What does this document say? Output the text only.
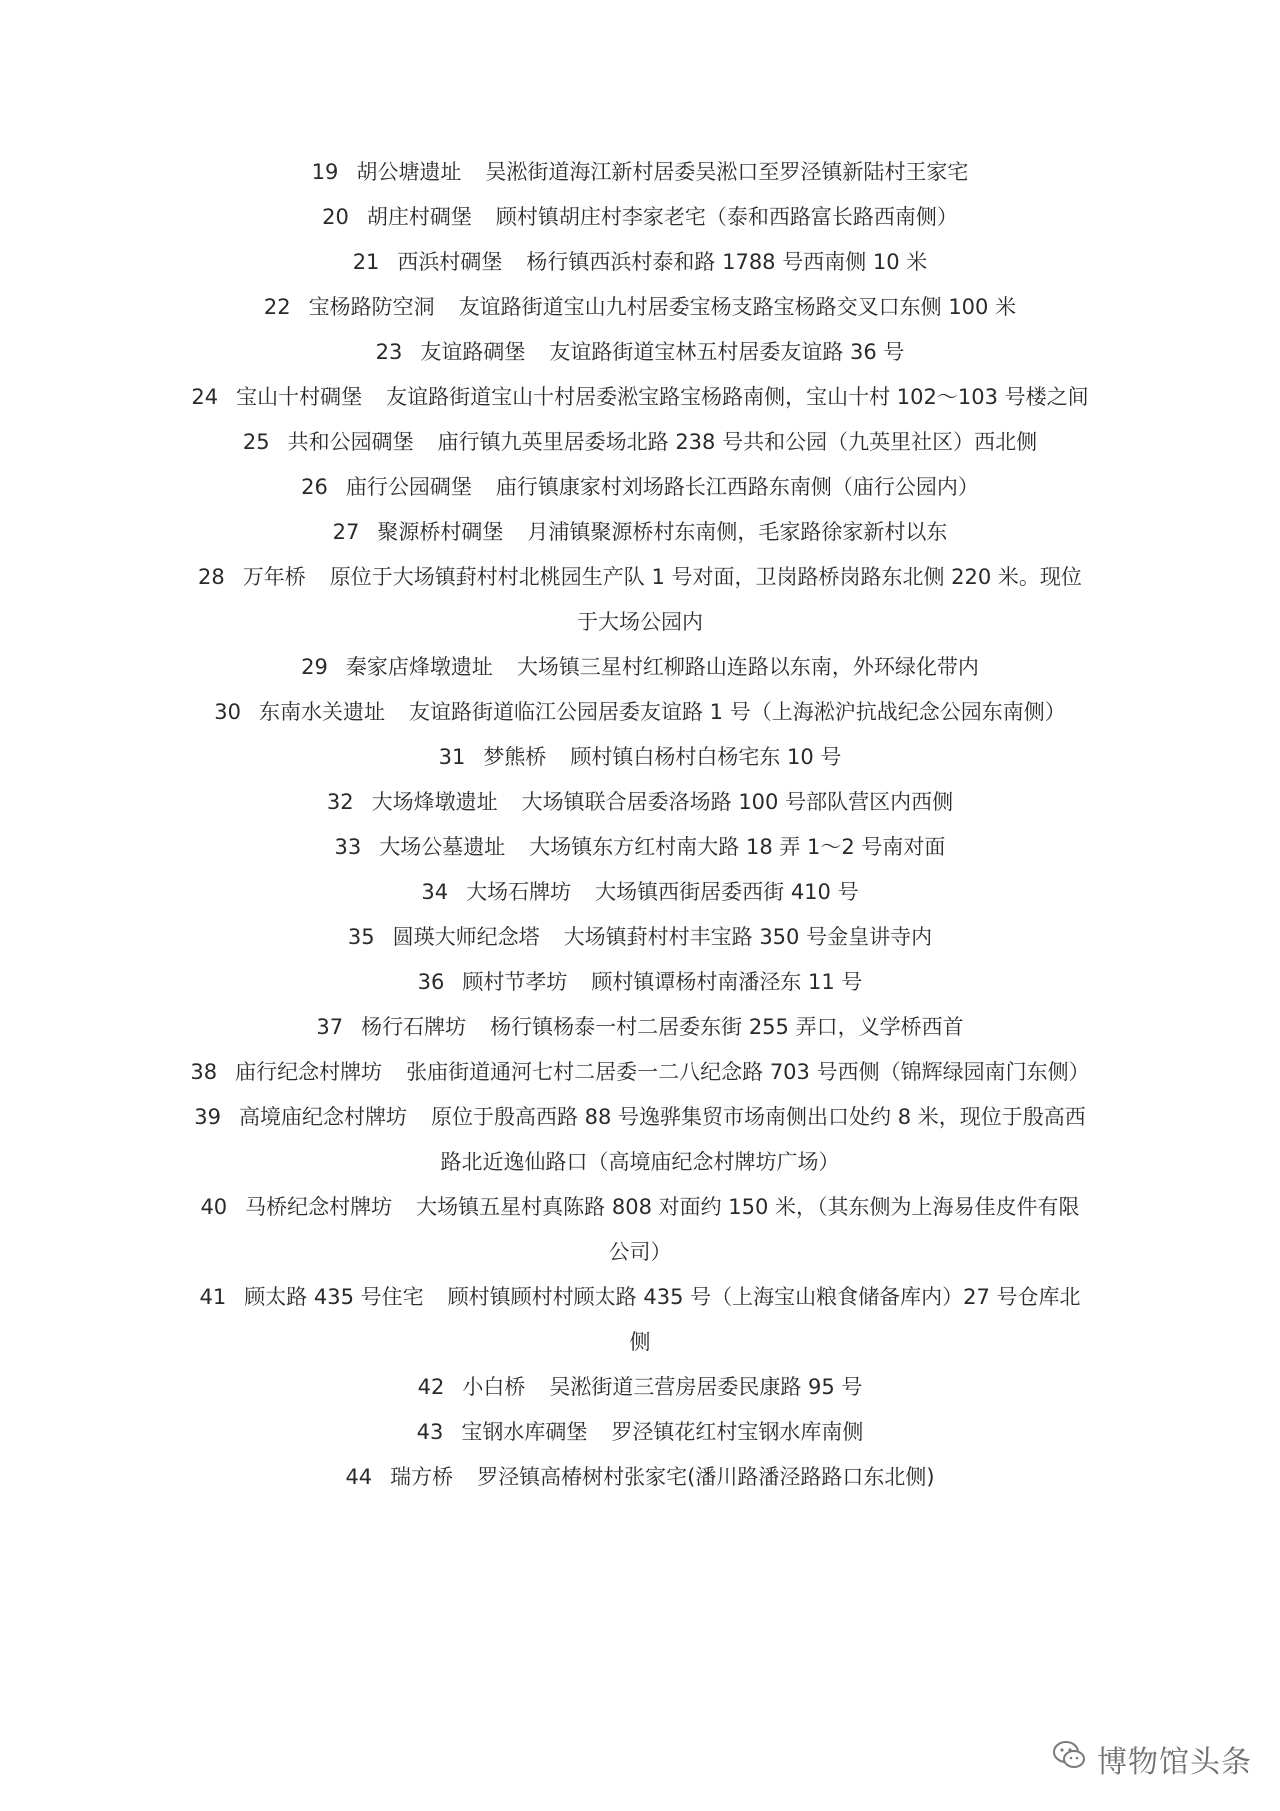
19 胡公塘遗址 吴淞街道海江新村居委吴淞口至罗泾镇新陆村王家宅
20 胡庄村碉堡 顾村镇胡庄村李家老宅（泰和西路富长路西南侧）
21 西浜村碉堡 杨行镇西浜村泰和路 1788 号西南侧 10 米
22 宝杨路防空洞 友谊路街道宝山九村居委宝杨支路宝杨路交叉口东侧 100 米
23 友谊路碉堡 友谊路街道宝林五村居委友谊路 36 号
24 宝山十村碉堡 友谊路街道宝山十村居委淞宝路宝杨路南侧，宝山十村 102～103 号楼之间
25 共和公园碉堡 庙行镇九英里居委场北路 238 号共和公园（九英里社区）西北侧
26 庙行公园碉堡 庙行镇康家村刘场路长江西路东南侧（庙行公园内）
27 聚源桥村碉堡 月浦镇聚源桥村东南侧，毛家路徐家新村以东
28 万年桥 原位于大场镇葑村村北桃园生产队 1 号对面，卫岗路桥岗路东北侧 220 米。现位于大场公园内
29 秦家店烽墩遗址 大场镇三星村红柳路山连路以东南，外环绿化带内
30 东南水关遗址 友谊路街道临江公园居委友谊路 1 号（上海淞沪抗战纪念公园东南侧）
31 梦熊桥 顾村镇白杨村白杨宅东 10 号
32 大场烽墩遗址 大场镇联合居委洛场路 100 号部队营区内西侧
33 大场公墓遗址 大场镇东方红村南大路 18 弄 1～2 号南对面
34 大场石牌坊 大场镇西街居委西街 410 号
35 圆瑛大师纪念塔 大场镇葑村村丰宝路 350 号金皇讲寺内
36 顾村节孝坊 顾村镇谭杨村南潘泾东 11 号
37 杨行石牌坊 杨行镇杨泰一村二居委东街 255 弄口，义学桥西首
38 庙行纪念村牌坊 张庙街道通河七村二居委一二八纪念路 703 号西侧（锦辉绿园南门东侧）
39 高境庙纪念村牌坊 原位于殷高西路 88 号逸骅集贸市场南侧出口处约 8 米，现位于殷高西路北近逸仙路口（高境庙纪念村牌坊广场）
40 马桥纪念村牌坊 大场镇五星村真陈路 808 对面约 150 米，（其东侧为上海易佳皮件有限公司）
41 顾太路 435 号住宅 顾村镇顾村村顾太路 435 号（上海宝山粮食储备库内）27 号仓库北侧
42 小白桥 吴淞街道三营房居委民康路 95 号
43 宝钢水库碉堡 罗泾镇花红村宝钢水库南侧
44 瑞方桥 罗泾镇高椿树村张家宅(潘川路潘泾路路口东北侧)
博物馆头条
